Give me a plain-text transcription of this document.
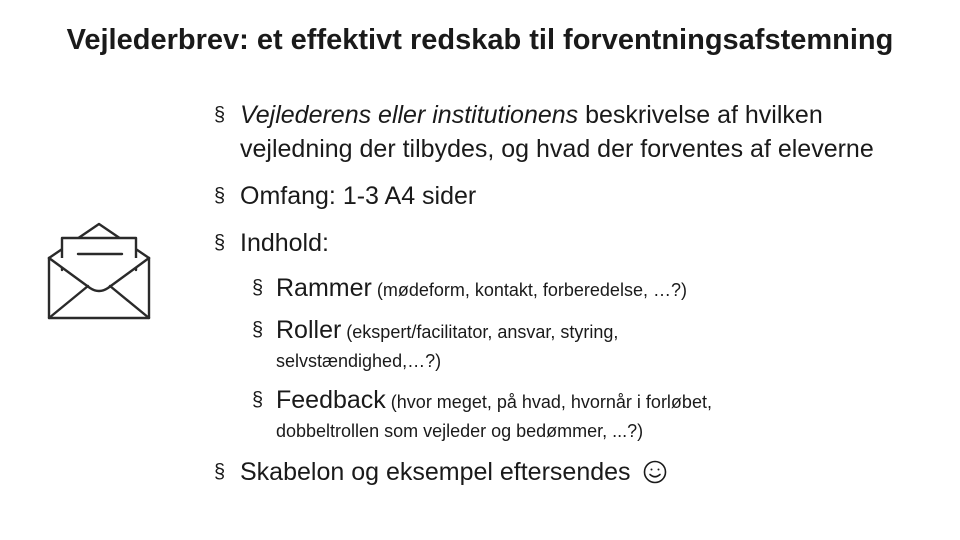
Vejlederbrev: et effektivt redskab til forventningsafstemning
§ Vejlederens eller institutionens beskrivelse af hvilken vejledning der tilbydes, og hvad der forventes af eleverne
§ Omfang: 1-3 A4 sider
§ Indhold:
§ Rammer (mødeform, kontakt, forberedelse, …?)
§ Roller (ekspert/facilitator, ansvar, styring,
selvstændighed,…?)
§ Feedback (hvor meget, på hvad, hvornår i forløbet,
dobbeltrollen som vejleder og bedømmer, ...?)
§ Skabelon og eksempel eftersendes
